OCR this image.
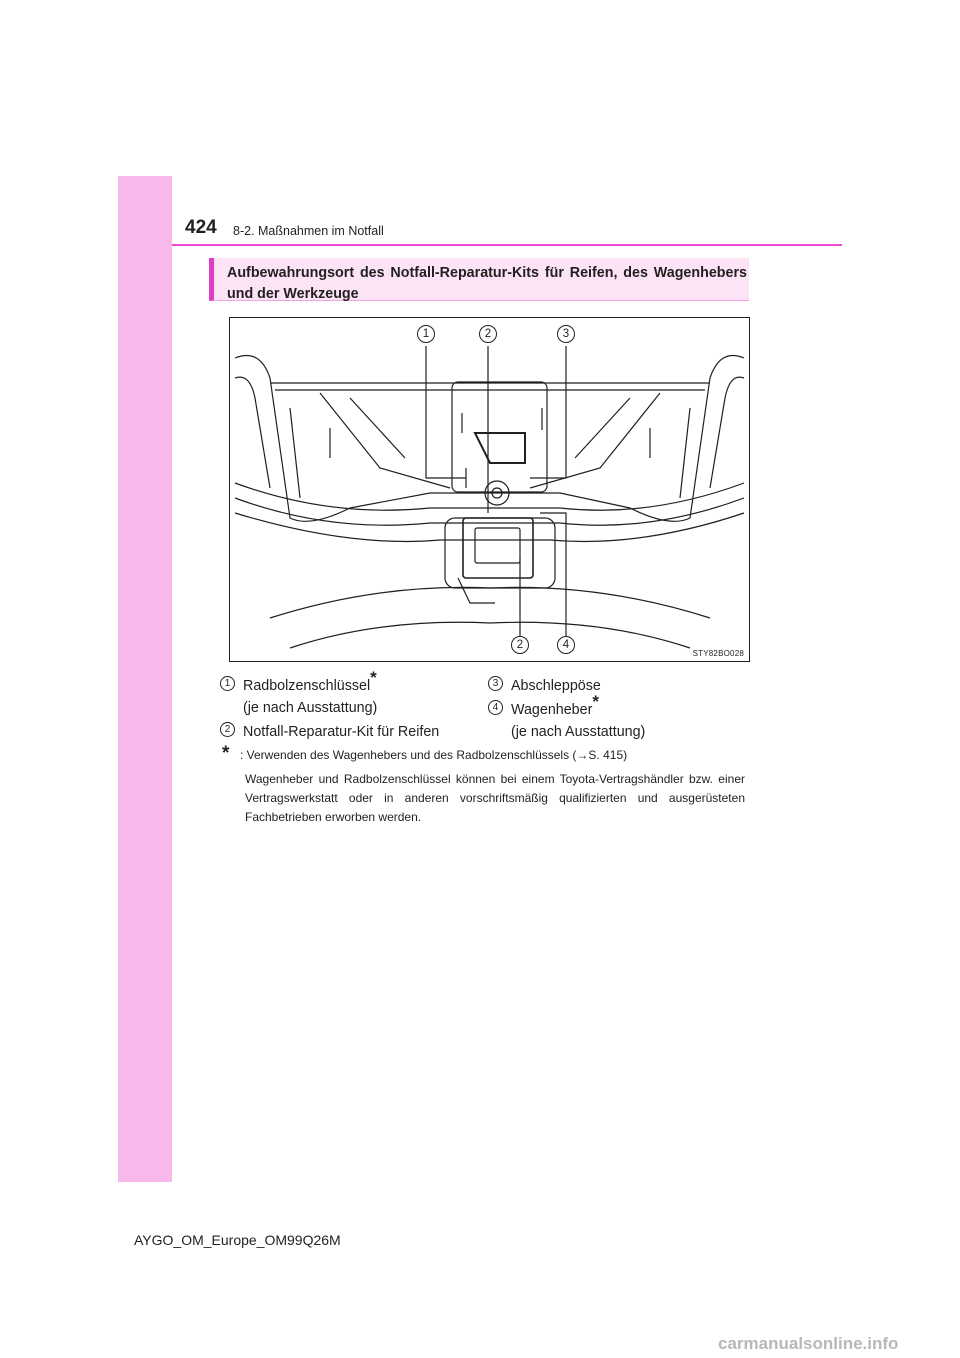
424 8-2. Maßnahmen im Notfall
Aufbewahrungsort des Notfall-Reparatur-Kits für Reifen, des Wagenhebers und der Werkzeuge
1	2	3
2	4
STY82BO028
1 Radbolzenschlüssel*
(je nach Ausstattung)
2 Notfall-Reparatur-Kit für Reifen
3 Abschleppöse
4 Wagenheber*
(je nach Ausstattung)
* : Verwenden des Wagenhebers und des Radbolzenschlüssels (→S. 415)
Wagenheber und Radbolzenschlüssel können bei einem Toyota-Vertragshändler bzw. einer Vertragswerkstatt oder in anderen vorschriftsmäßig qualifizierten und ausgerüsteten Fachbetrieben erworben werden.
AYGO_OM_Europe_OM99Q26M
carmanualsonline.info
